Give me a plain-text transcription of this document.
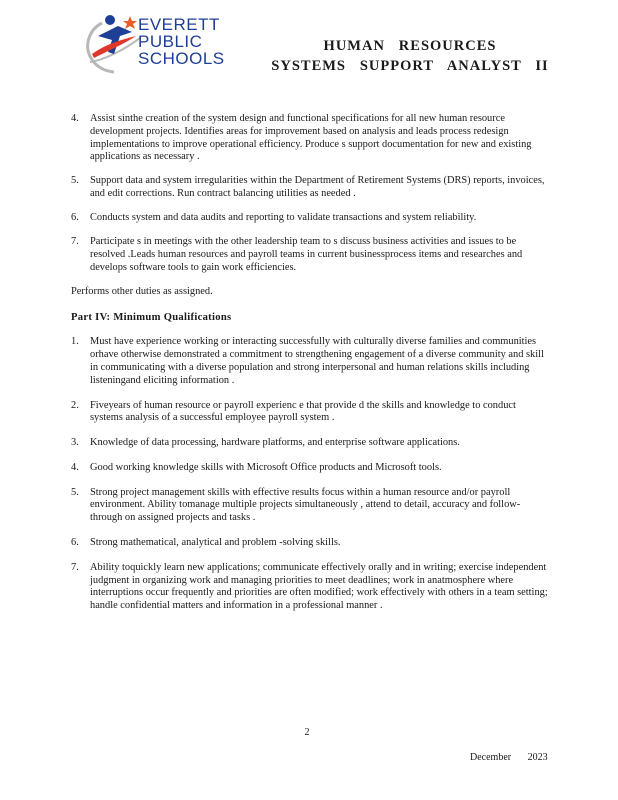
EVERETT
PUBLIC
SCHOOLS
HUMAN   RESOURCES
SYSTEMS   SUPPORT   ANALYST   II
4. Assist sinthe creation of the system design and functional specifications for all new human resource development projects. Identifies areas for improvement based on analysis and leads process redesign implementations to improve operational efficiency. Produce s support documentation for new and existing applications as necessary .
5. Support data and system irregularities within the Department of Retirement Systems (DRS) reports, invoices, and edit corrections. Run contract balancing utilities as needed .
6. Conducts system and data audits and reporting to validate transactions and system reliability.
7. Participate s in meetings with the other leadership team to s discuss business activities and issues to be resolved .Leads human resources and payroll teams in current businessprocess items and researches and develops software tools to gain work efficiencies.

Performs other duties as assigned.

Part IV: Minimum Qualifications

1. Must have experience working or interacting successfully with culturally diverse families and communities orhave otherwise demonstrated a commitment to strengthening engagement of a diverse community and skill in communicating with a diverse population and strong interpersonal and human relations skills including listeningand eliciting information .
2. Fiveyears of human resource or payroll experienc e that provide d the skills and knowledge to conduct systems analysis of a successful employee payroll system .
3. Knowledge of data processing, hardware platforms, and enterprise software applications.
4. Good working knowledge skills with Microsoft Office products and Microsoft tools.
5. Strong project management skills with effective results focus within a human resource and/or payroll environment. Ability tomanage multiple projects simultaneously , attend to detail, accuracy and follow-through on assigned projects and tasks .
6. Strong mathematical, analytical and problem -solving skills.
7. Ability toquickly learn new applications; communicate effectively orally and in writing; exercise independent judgment in organizing work and managing priorities to meet deadlines; work in anatmosphere where interruptions occur frequently and priorities are often modified; work effectively with others in a team setting; handle confidential matters and information in a professional manner .
2
December   2023
